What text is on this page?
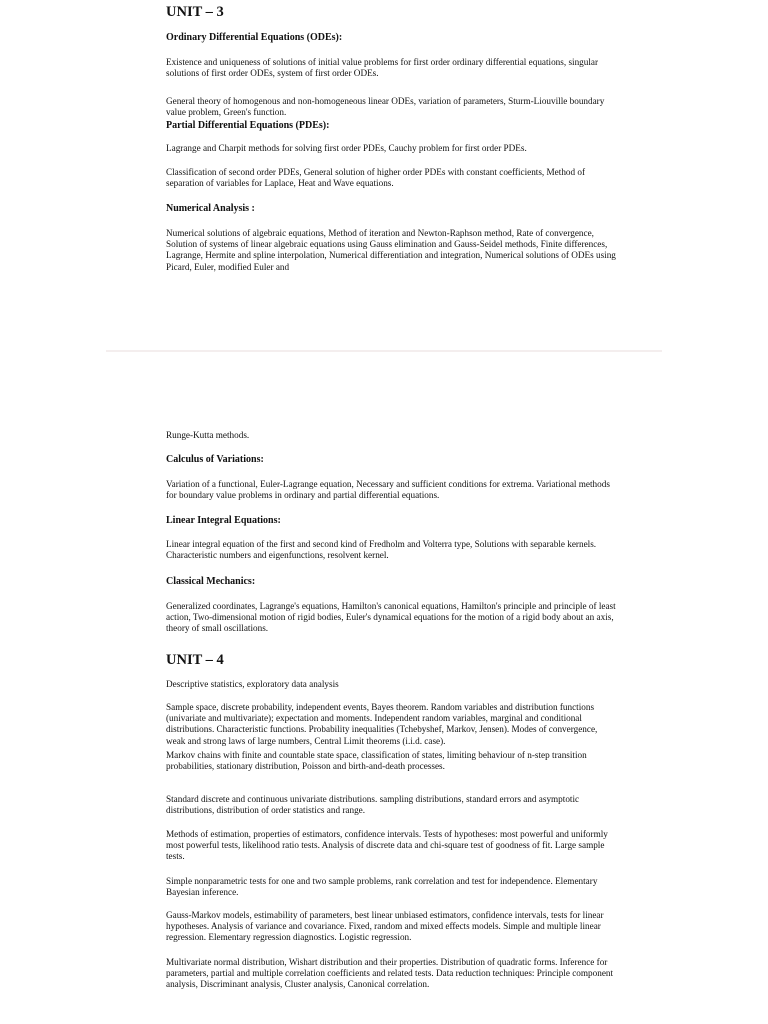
UNIT – 3

Ordinary Differential Equations (ODEs):

Existence and uniqueness of solutions of initial value problems for first order ordinary differential equations, singular solutions of first order ODEs, system of first order ODEs.

General theory of homogenous and non-homogeneous linear ODEs, variation of parameters, Sturm-Liouville boundary value problem, Green's function.

Partial Differential Equations (PDEs):

Lagrange and Charpit methods for solving first order PDEs, Cauchy problem for first order PDEs.

Classification of second order PDEs, General solution of higher order PDEs with constant coefficients, Method of separation of variables for Laplace, Heat and Wave equations.

Numerical Analysis :

Numerical solutions of algebraic equations, Method of iteration and Newton-Raphson method, Rate of convergence, Solution of systems of linear algebraic equations using Gauss elimination and Gauss-Seidel methods, Finite differences, Lagrange, Hermite and spline interpolation, Numerical differentiation and integration, Numerical solutions of ODEs using Picard, Euler, modified Euler and

Runge-Kutta methods.

Calculus of Variations:

Variation of a functional, Euler-Lagrange equation, Necessary and sufficient conditions for extrema. Variational methods for boundary value problems in ordinary and partial differential equations.

Linear Integral Equations:

Linear integral equation of the first and second kind of Fredholm and Volterra type, Solutions with separable kernels. Characteristic numbers and eigenfunctions, resolvent kernel.

Classical Mechanics:

Generalized coordinates, Lagrange's equations, Hamilton's canonical equations, Hamilton's principle and principle of least action, Two-dimensional motion of rigid bodies, Euler's dynamical equations for the motion of a rigid body about an axis, theory of small oscillations.

UNIT – 4

Descriptive statistics, exploratory data analysis

Sample space, discrete probability, independent events, Bayes theorem. Random variables and distribution functions (univariate and multivariate); expectation and moments. Independent random variables, marginal and conditional distributions. Characteristic functions. Probability inequalities (Tchebyshef, Markov, Jensen). Modes of convergence, weak and strong laws of large numbers, Central Limit theorems (i.i.d. case).

Markov chains with finite and countable state space, classification of states, limiting behaviour of n-step transition probabilities, stationary distribution, Poisson and birth-and-death processes.

Standard discrete and continuous univariate distributions. sampling distributions, standard errors and asymptotic distributions, distribution of order statistics and range.

Methods of estimation, properties of estimators, confidence intervals. Tests of hypotheses: most powerful and uniformly most powerful tests, likelihood ratio tests. Analysis of discrete data and chi-square test of goodness of fit. Large sample tests.

Simple nonparametric tests for one and two sample problems, rank correlation and test for independence. Elementary Bayesian inference.

Gauss-Markov models, estimability of parameters, best linear unbiased estimators, confidence intervals, tests for linear hypotheses. Analysis of variance and covariance. Fixed, random and mixed effects models. Simple and multiple linear regression. Elementary regression diagnostics. Logistic regression.

Multivariate normal distribution, Wishart distribution and their properties. Distribution of quadratic forms. Inference for parameters, partial and multiple correlation coefficients and related tests. Data reduction techniques: Principle component analysis, Discriminant analysis, Cluster analysis, Canonical correlation.
